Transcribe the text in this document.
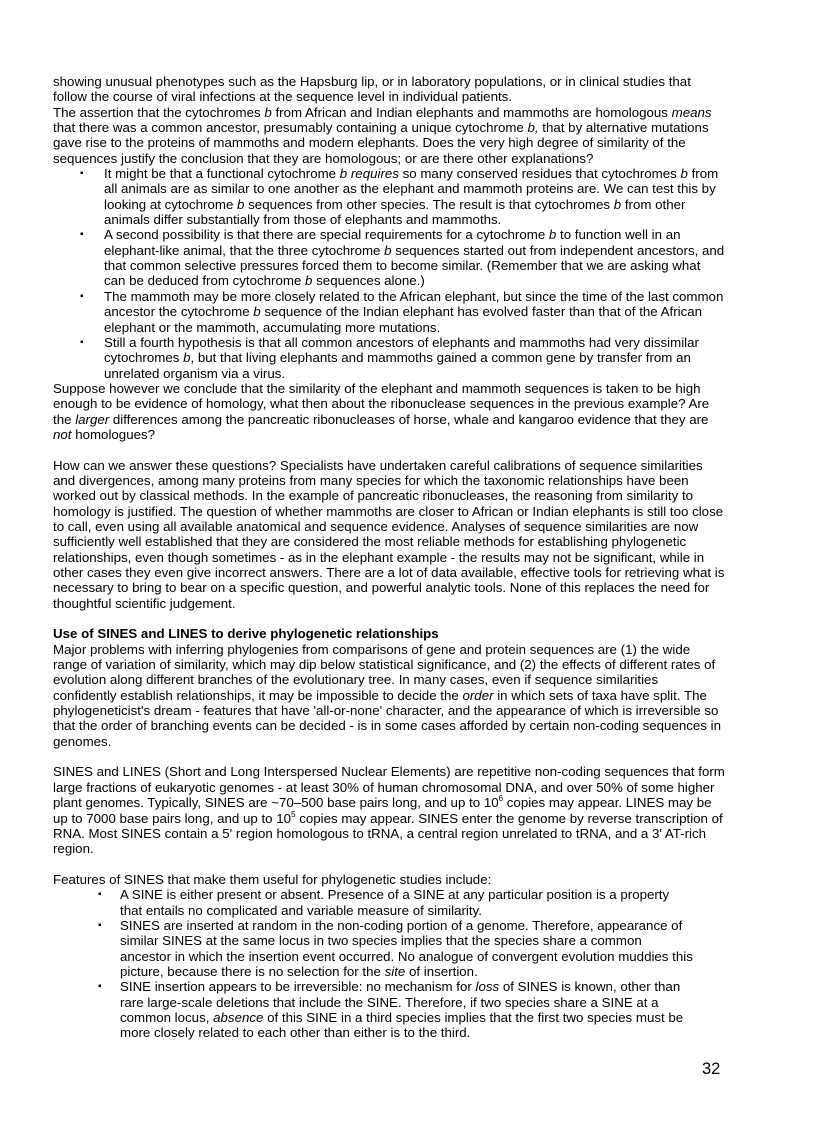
showing unusual phenotypes such as the Hapsburg lip, or in laboratory populations, or in clinical studies that follow the course of viral infections at the sequence level in individual patients.

The assertion that the cytochromes b from African and Indian elephants and mammoths are homologous means that there was a common ancestor, presumably containing a unique cytochrome b, that by alternative mutations gave rise to the proteins of mammoths and modern elephants. Does the very high degree of similarity of the sequences justify the conclusion that they are homologous; or are there other explanations?

▪ It might be that a functional cytochrome b requires so many conserved residues that cytochromes b from all animals are as similar to one another as the elephant and mammoth proteins are. We can test this by looking at cytochrome b sequences from other species. The result is that cytochromes b from other animals differ substantially from those of elephants and mammoths.

▪ A second possibility is that there are special requirements for a cytochrome b to function well in an elephant-like animal, that the three cytochrome b sequences started out from independent ancestors, and that common selective pressures forced them to become similar. (Remember that we are asking what can be deduced from cytochrome b sequences alone.)

▪ The mammoth may be more closely related to the African elephant, but since the time of the last common ancestor the cytochrome b sequence of the Indian elephant has evolved faster than that of the African elephant or the mammoth, accumulating more mutations.

▪ Still a fourth hypothesis is that all common ancestors of elephants and mammoths had very dissimilar cytochromes b, but that living elephants and mammoths gained a common gene by transfer from an unrelated organism via a virus.

Suppose however we conclude that the similarity of the elephant and mammoth sequences is taken to be high enough to be evidence of homology, what then about the ribonuclease sequences in the previous example? Are the larger differences among the pancreatic ribonucleases of horse, whale and kangaroo evidence that they are not homologues?

How can we answer these questions? Specialists have undertaken careful calibrations of sequence similarities and divergences, among many proteins from many species for which the taxonomic relationships have been worked out by classical methods. In the example of pancreatic ribonucleases, the reasoning from similarity to homology is justified. The question of whether mammoths are closer to African or Indian elephants is still too close to call, even using all available anatomical and sequence evidence. Analyses of sequence similarities are now sufficiently well established that they are considered the most reliable methods for establishing phylogenetic relationships, even though sometimes - as in the elephant example - the results may not be significant, while in other cases they even give incorrect answers. There are a lot of data available, effective tools for retrieving what is necessary to bring to bear on a specific question, and powerful analytic tools. None of this replaces the need for thoughtful scientific judgement.

Use of SINES and LINES to derive phylogenetic relationships

Major problems with inferring phylogenies from comparisons of gene and protein sequences are (1) the wide range of variation of similarity, which may dip below statistical significance, and (2) the effects of different rates of evolution along different branches of the evolutionary tree. In many cases, even if sequence similarities confidently establish relationships, it may be impossible to decide the order in which sets of taxa have split. The phylogeneticist's dream - features that have 'all-or-none' character, and the appearance of which is irreversible so that the order of branching events can be decided - is in some cases afforded by certain non-coding sequences in genomes.

SINES and LINES (Short and Long Interspersed Nuclear Elements) are repetitive non-coding sequences that form large fractions of eukaryotic genomes - at least 30% of human chromosomal DNA, and over 50% of some higher plant genomes. Typically, SINES are ~70–500 base pairs long, and up to $10^6$ copies may appear. LINES may be up to 7000 base pairs long, and up to $10^5$ copies may appear. SINES enter the genome by reverse transcription of RNA. Most SINES contain a 5' region homologous to tRNA, a central region unrelated to tRNA, and a 3' AT-rich region.

Features of SINES that make them useful for phylogenetic studies include:

▪ A SINE is either present or absent. Presence of a SINE at any particular position is a property that entails no complicated and variable measure of similarity.

▪ SINES are inserted at random in the non-coding portion of a genome. Therefore, appearance of similar SINES at the same locus in two species implies that the species share a common ancestor in which the insertion event occurred. No analogue of convergent evolution muddies this picture, because there is no selection for the site of insertion.

▪ SINE insertion appears to be irreversible: no mechanism for loss of SINES is known, other than rare large-scale deletions that include the SINE. Therefore, if two species share a SINE at a common locus, absence of this SINE in a third species implies that the first two species must be more closely related to each other than either is to the third.

32
